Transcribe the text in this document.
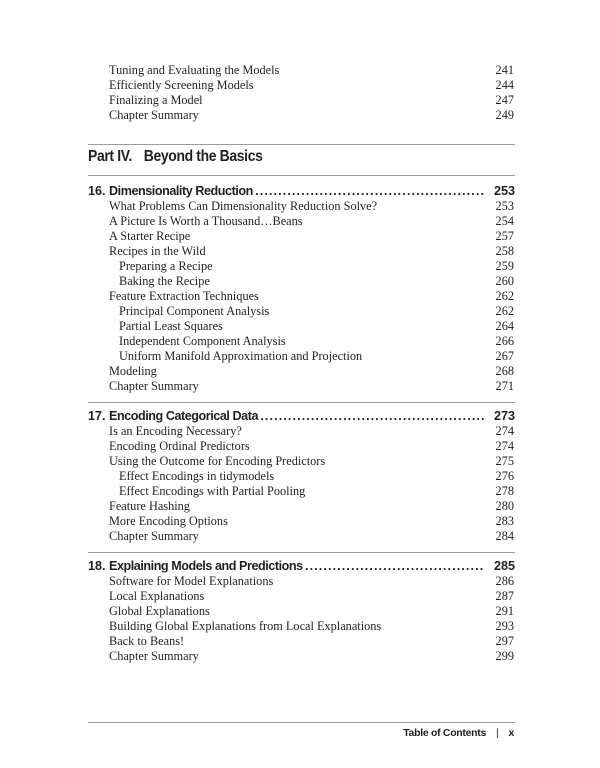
Tuning and Evaluating the Models	241
Efficiently Screening Models	244
Finalizing a Model	247
Chapter Summary	249
Part IV. Beyond the Basics
16. Dimensionality Reduction . . .	253
What Problems Can Dimensionality Reduction Solve?	253
A Picture Is Worth a Thousand…Beans	254
A Starter Recipe	257
Recipes in the Wild	258
Preparing a Recipe	259
Baking the Recipe	260
Feature Extraction Techniques	262
Principal Component Analysis	262
Partial Least Squares	264
Independent Component Analysis	266
Uniform Manifold Approximation and Projection	267
Modeling	268
Chapter Summary	271
17. Encoding Categorical Data . . .	273
Is an Encoding Necessary?	274
Encoding Ordinal Predictors	274
Using the Outcome for Encoding Predictors	275
Effect Encodings in tidymodels	276
Effect Encodings with Partial Pooling	278
Feature Hashing	280
More Encoding Options	283
Chapter Summary	284
18. Explaining Models and Predictions . . .	285
Software for Model Explanations	286
Local Explanations	287
Global Explanations	291
Building Global Explanations from Local Explanations	293
Back to Beans!	297
Chapter Summary	299
Table of Contents | x
